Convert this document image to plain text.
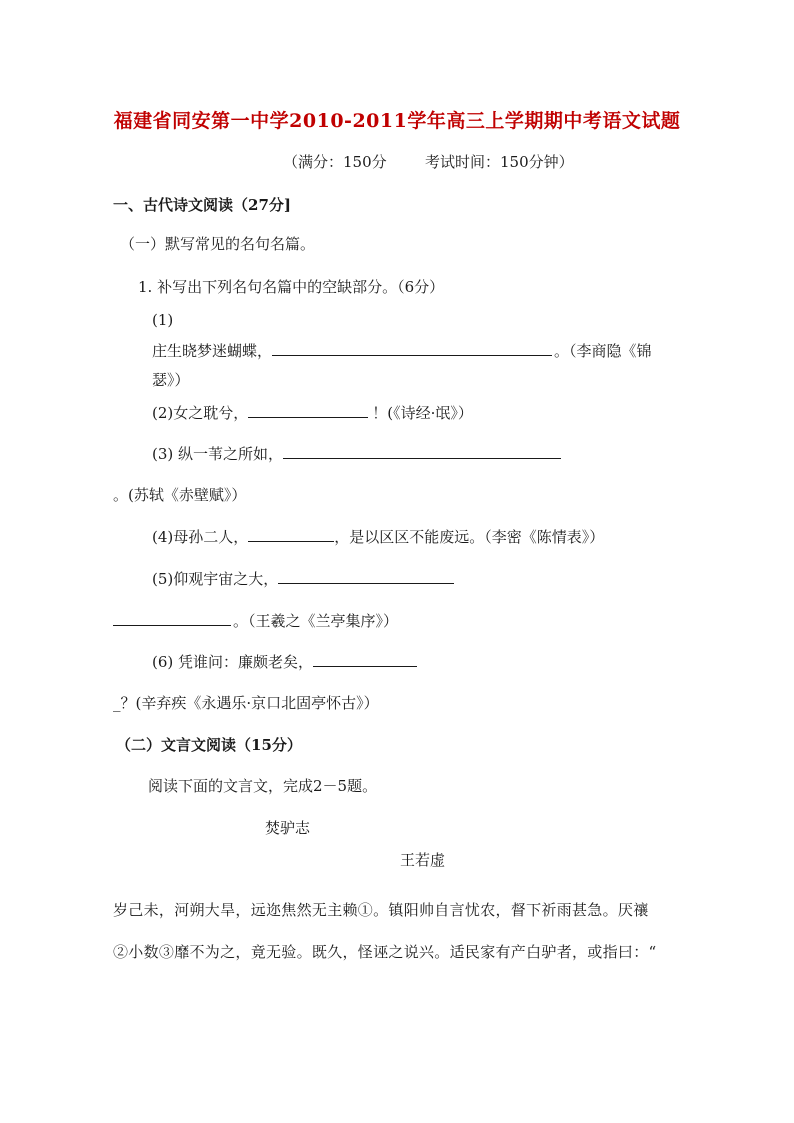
福建省同安第一中学2010-2011学年高三上学期期中考语文试题
（满分：150分	考试时间：150分钟）
一、古代诗文阅读（27分]
（一）默写常见的名句名篇。
1. 补写出下列名句名篇中的空缺部分。（6分）
(1)
庄生晓梦迷蝴蝶，	。（李商隐《锦
瑟》）
(2)女之耽兮，	！(《诗经·氓》）
(3) 纵一苇之所如，
。(苏轼《赤壁赋》）
(4)母孙二人，	，是以区区不能废远。（李密《陈情表》）
(5)仰观宇宙之大，
。（王羲之《兰亭集序》）
(6) 凭谁问：廉颇老矣，
_？(辛弃疾《永遇乐·京口北固亭怀古》）
（二）文言文阅读（15分）
阅读下面的文言文，完成2－5题。
焚驴志
王若虚
岁己未，河朔大旱，远迩焦然无主赖①。镇阳帅自言忧农，督下祈雨甚急。厌禳
②小数③靡不为之，竟无验。既久，怪诬之说兴。适民家有产白驴者，或指曰：“
